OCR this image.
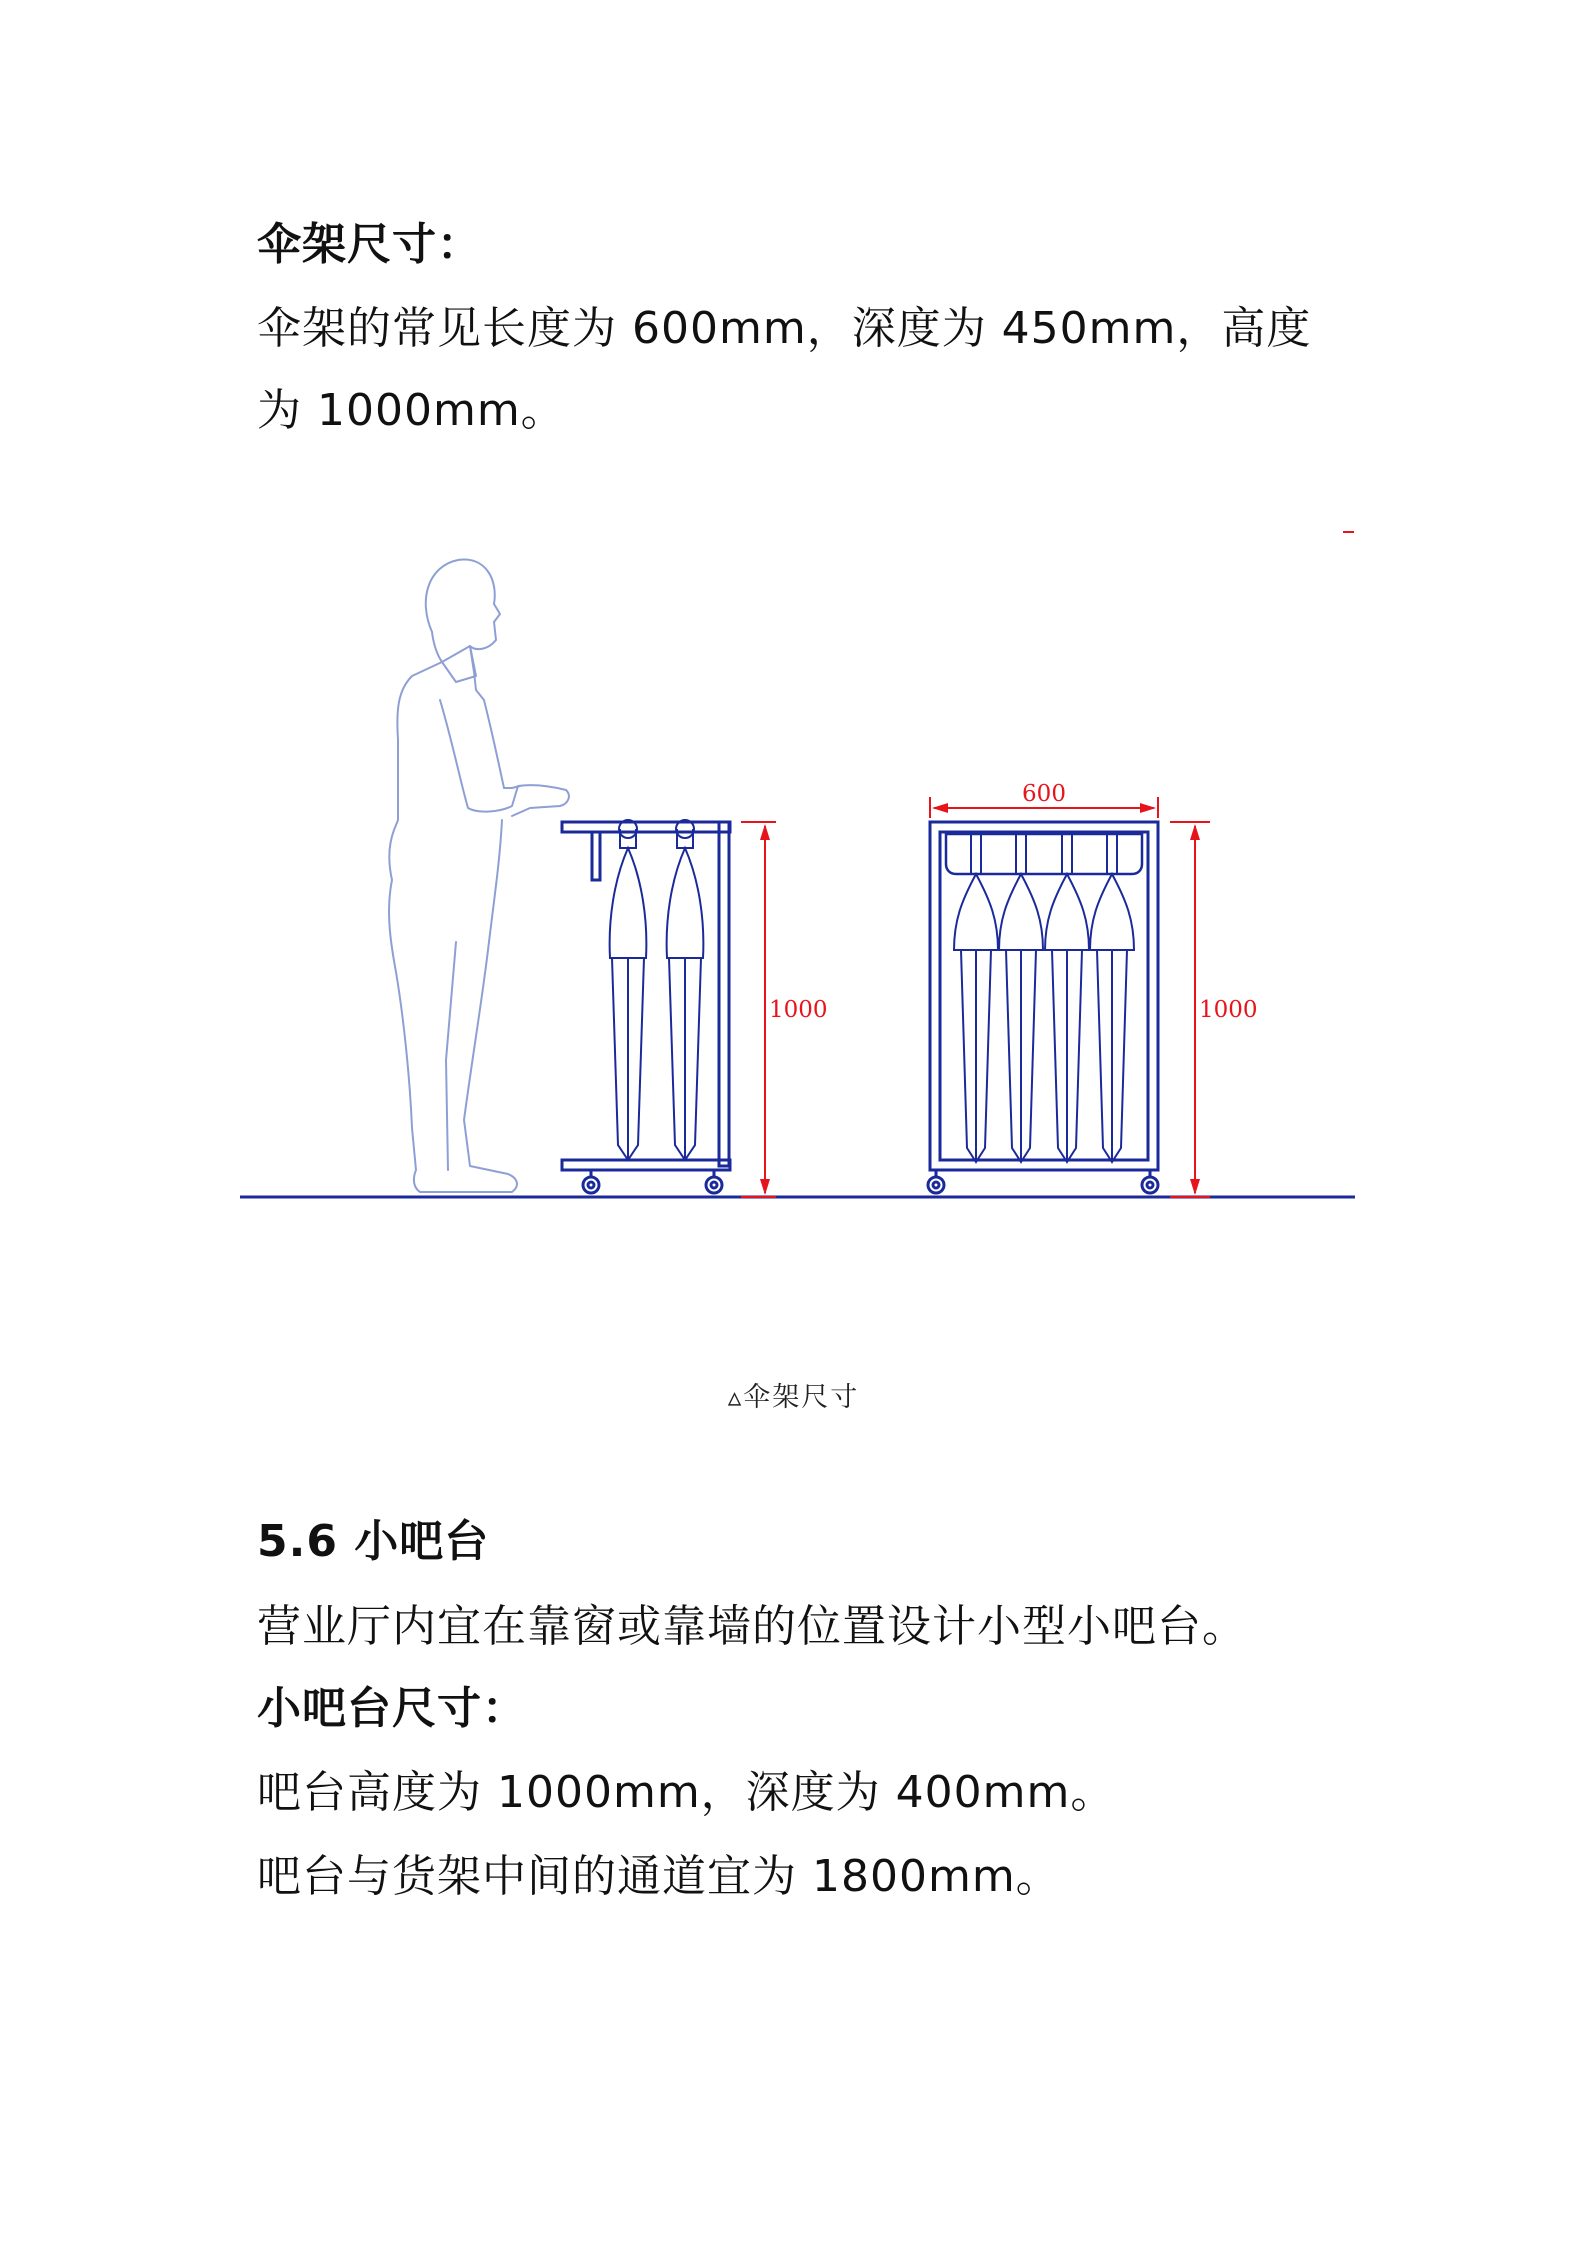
伞架尺寸：

伞架的常见长度为 600mm，深度为 450mm，高度

为 1000mm。

1000
600
1000

▵伞架尺寸

5.6 小吧台

营业厅内宜在靠窗或靠墙的位置设计小型小吧台。

小吧台尺寸：

吧台高度为 1000mm，深度为 400mm。

吧台与货架中间的通道宜为 1800mm。
